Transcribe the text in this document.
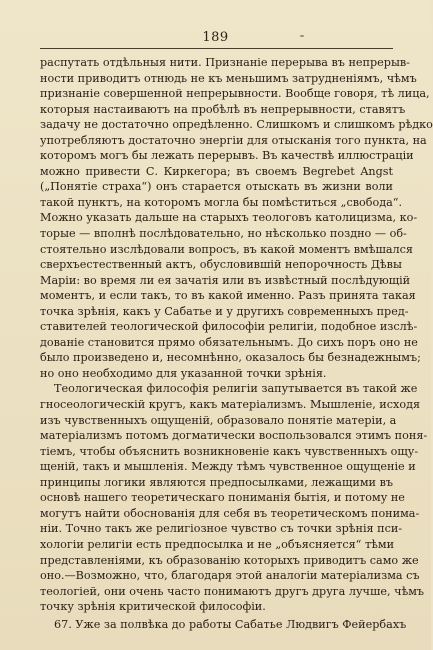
189
распутать отдѣльныя нити. Признаніе перерыва въ непрерыв-
ности приводитъ отнюдь не къ меньшимъ затрудненіямъ, чѣмъ
признаніе совершенной непрерывности. Вообще говоря, тѣ лица,
которыя настаиваютъ на пробѣлѣ въ непрерывности, ставятъ
задачу не достаточно опредѣленно. Слишкомъ и слишкомъ рѣдко
употребляютъ достаточно энергіи для отысканія того пункта, на
которомъ могъ бы лежать перерывъ. Въ качествѣ иллюстраціи
можно привести С. Киркегора; въ своемъ Begrebet Angst
(„Понятіе страха“) онъ старается отыскать въ жизни воли
такой пунктъ, на которомъ могла бы помѣститься „свобода“.
Можно указать дальше на старыхъ теологовъ католицизма, ко-
торые — вполнѣ послѣдовательно, но нѣсколько поздно — об-
стоятельно изслѣдовали вопросъ, въ какой моментъ вмѣшался
сверхъестественный актъ, обусловившій непорочность Дѣвы
Маріи: во время ли ея зачатія или въ извѣстный послѣдующій
моментъ, и если такъ, то въ какой именно. Разъ принята такая
точка зрѣнія, какъ у Сабатье и у другихъ современныхъ пред-
ставителей теологической философіи религіи, подобное изслѣ-
дованіе становится прямо обязательнымъ. До сихъ поръ оно не
было произведено и, несомнѣнно, оказалось бы безнадежнымъ;
но оно необходимо для указанной точки зрѣнія.
Теологическая философія религіи запутывается въ такой же
гносеологическій кругъ, какъ матеріализмъ. Мышленіе, исходя
изъ чувственныхъ ощущеній, образовало понятіе матеріи, а
матеріализмъ потомъ догматически воспользовался этимъ поня-
тіемъ, чтобы объяснить возникновеніе какъ чувственныхъ ощу-
щеній, такъ и мышленія. Между тѣмъ чувственное ощущеніе и
принципы логики являются предпосылками, лежащими въ
основѣ нашего теоретическаго пониманія бытія, и потому не
могутъ найти обоснованія для себя въ теоретическомъ понима-
ніи. Точно такъ же религіозное чувство съ точки зрѣнія пси-
хологіи религіи есть предпосылка и не „объясняется“ тѣми
представленіями, къ образованію которыхъ приводитъ само же
оно.—Возможно, что, благодаря этой аналогіи матеріализма съ
теологіей, они очень часто понимаютъ другъ друга лучше, чѣмъ
точку зрѣнія критической философіи.
67. Уже за полвѣка до работы Сабатье Людвигъ Фейербахъ
